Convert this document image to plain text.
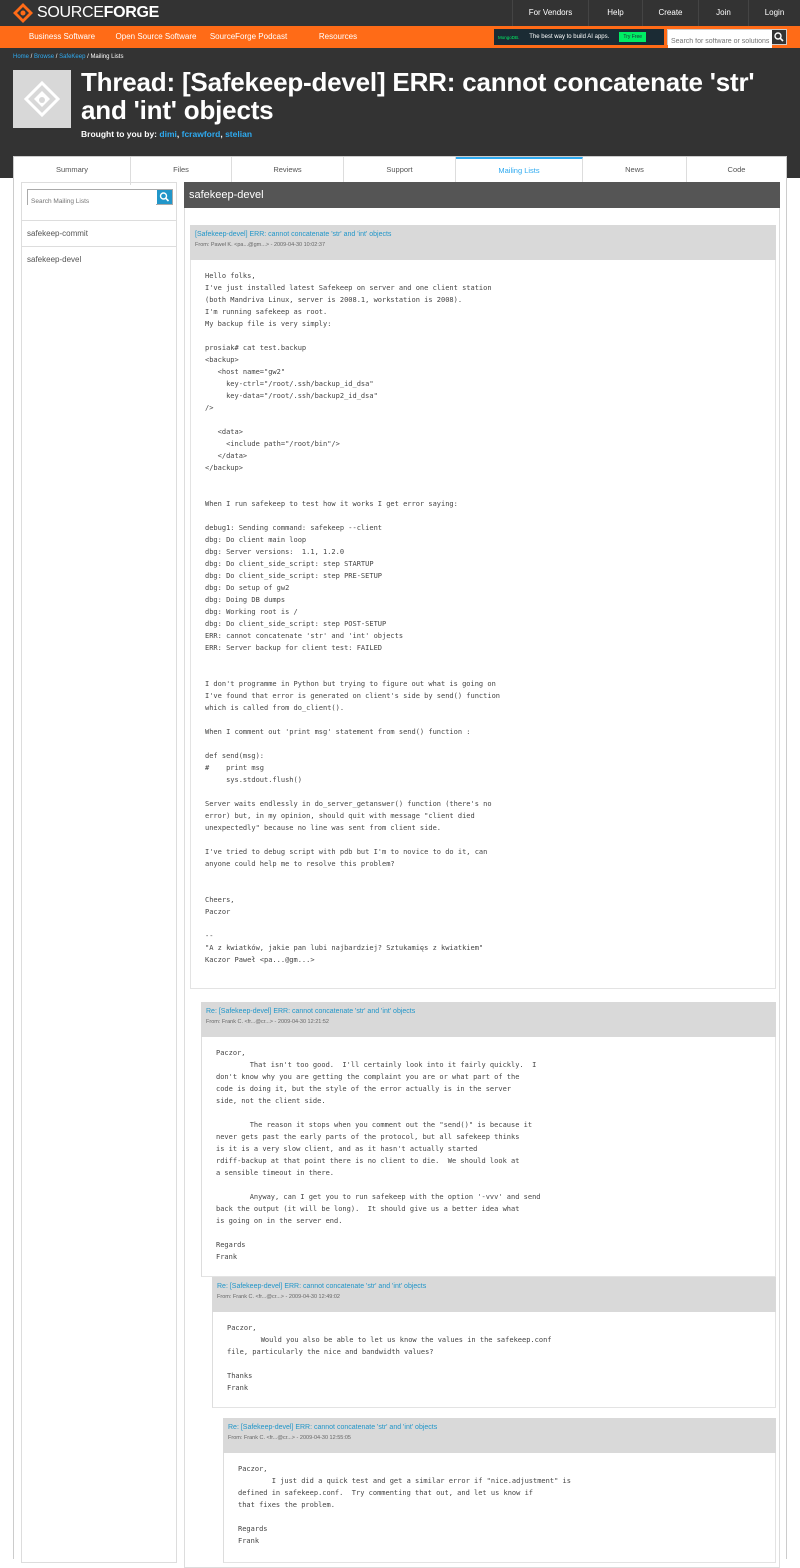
SOURCEFORGE	For Vendors	Help	Create	Join	Login
Business Software	Open Source Software	SourceForge Podcast	Resources	MongoDB. The best way to build AI apps.	Try Free
Search for software or solutions
Home / Browse / SafeKeep / Mailing Lists
Thread: [Safekeep-devel] ERR: cannot concatenate 'str' and 'int' objects
Brought to you by: dimi, fcrawford, stelian
Summary	Files	Reviews	Support	Mailing Lists	News	Code
Search Mailing Lists
safekeep-commit
safekeep-devel
safekeep-devel
[Safekeep-devel] ERR: cannot concatenate 'str' and 'int' objects
From: Paweł K. <pa...@gm...> - 2009-04-30 10:02:37
Hello folks,
I've just installed latest Safekeep on server and one client station
(both Mandriva Linux, server is 2008.1, workstation is 2008).
I'm running safekeep as root.
My backup file is very simply:

prosiak# cat test.backup
<backup>
<host name="gw2"
key-ctrl="/root/.ssh/backup_id_dsa"
key-data="/root/.ssh/backup2_id_dsa"
/>

<data>
<include path="/root/bin"/>
</data>
</backup>

When I run safekeep to test how it works I get error saying:

debug1: Sending command: safekeep --client
dbg: Do client main loop
dbg: Server versions:  1.1, 1.2.0
dbg: Do client_side_script: step STARTUP
dbg: Do client_side_script: step PRE-SETUP
dbg: Do setup of gw2
dbg: Doing DB dumps
dbg: Working root is /
dbg: Do client_side_script: step POST-SETUP
ERR: cannot concatenate 'str' and 'int' objects
ERR: Server backup for client test: FAILED

I don't programme in Python but trying to figure out what is going on
I've found that error is generated on client's side by send() function
which is called from do_client().

When I comment out 'print msg' statement from send() function :

def send(msg):
#    print msg
sys.stdout.flush()

Server waits endlessly in do_server_getanswer() function (there's no
error) but, in my opinion, should quit with message "client died
unexpectedly" because no line was sent from client side.

I've tried to debug script with pdb but I'm to novice to do it, can
anyone could help me to resolve this problem?

Cheers,
Paczor

--
"A z kwiatków, jakie pan lubi najbardziej? Sztukamięs z kwiatkiem"
Kaczor Paweł <pa...@gm...>
Re: [Safekeep-devel] ERR: cannot concatenate 'str' and 'int' objects
From: Frank C. <fr...@cr...> - 2009-04-30 12:21:52
Paczor,
That isn't too good.  I'll certainly look into it fairly quickly.  I
don't know why you are getting the complaint you are or what part of the
code is doing it, but the style of the error actually is in the server
side, not the client side.

The reason it stops when you comment out the "send()" is because it
never gets past the early parts of the protocol, but all safekeep thinks
is it is a very slow client, and as it hasn't actually started
rdiff-backup at that point there is no client to die.  We should look at
a sensible timeout in there.

Anyway, can I get you to run safekeep with the option '-vvv' and send
back the output (it will be long).  It should give us a better idea what
is going on in the server end.

Regards
Frank
Re: [Safekeep-devel] ERR: cannot concatenate 'str' and 'int' objects
From: Frank C. <fr...@cr...> - 2009-04-30 12:49:02
Paczor,
Would you also be able to let us know the values in the safekeep.conf
file, particularly the nice and bandwidth values?

Thanks
Frank
Re: [Safekeep-devel] ERR: cannot concatenate 'str' and 'int' objects
From: Frank C. <fr...@cr...> - 2009-04-30 12:55:05
Paczor,
I just did a quick test and get a similar error if "nice.adjustment" is
defined in safekeep.conf.  Try commenting that out, and let us know if
that fixes the problem.

Regards
Frank
